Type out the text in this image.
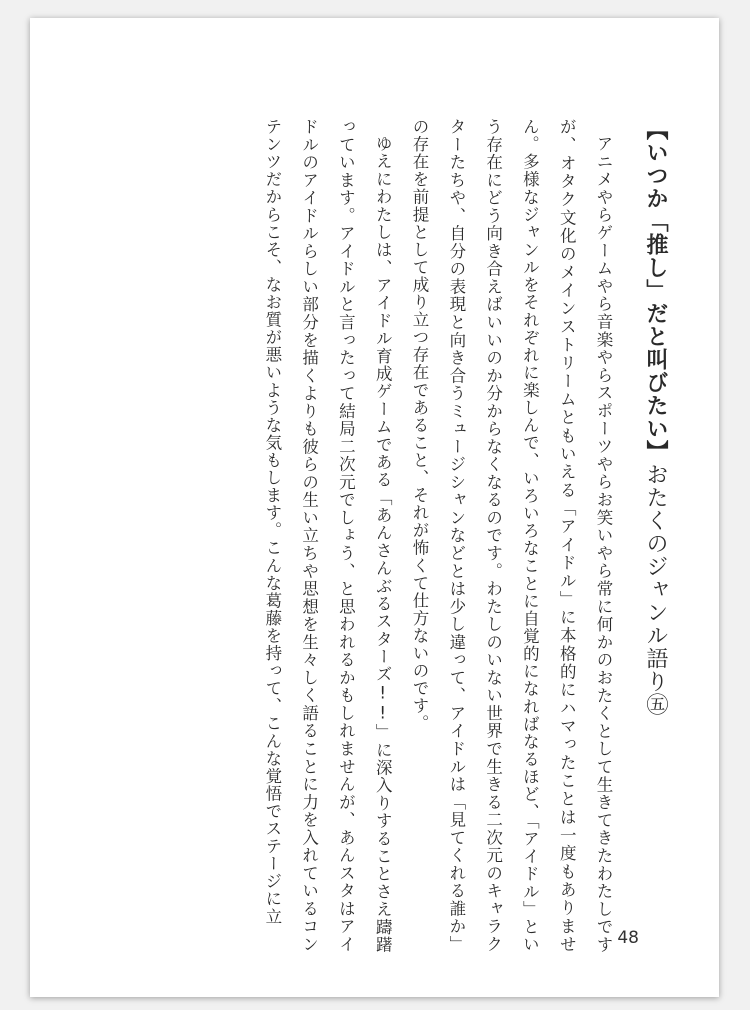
【いつか「推し」だと叫びたい】おたくのジャンル語り㊄

アニメやらゲームやら音楽やらスポーツやらお笑いやら常に何かのおたくとして生きてきたわたしですが、オタク文化のメインストリームともいえる「アイドル」に本格的にハマったことは一度もありません。多様なジャンルをそれぞれに楽しんで、いろいろなことに自覚的になればなるほど、「アイドル」という存在にどう向き合えばいいのか分からなくなるのです。わたしのいない世界で生きる二次元のキャラクターたちや、自分の表現と向き合うミュージシャンなどとは少し違って、アイドルは「見てくれる誰か」の存在を前提として成り立つ存在であること、それが怖くて仕方ないのです。

ゆえにわたしは、アイドル育成ゲームである「あんさんぶるスターズ!!」に深入りすることさえ躊躇っています。アイドルと言ったって結局二次元でしょう、と思われるかもしれませんが、あんスタはアイドルのアイドルらしい部分を描くよりも彼らの生い立ちや思想を生々しく語ることに力を入れているコンテンツだからこそ、なお質が悪いような気もします。こんな葛藤を持って、こんな覚悟でステージに立

48
